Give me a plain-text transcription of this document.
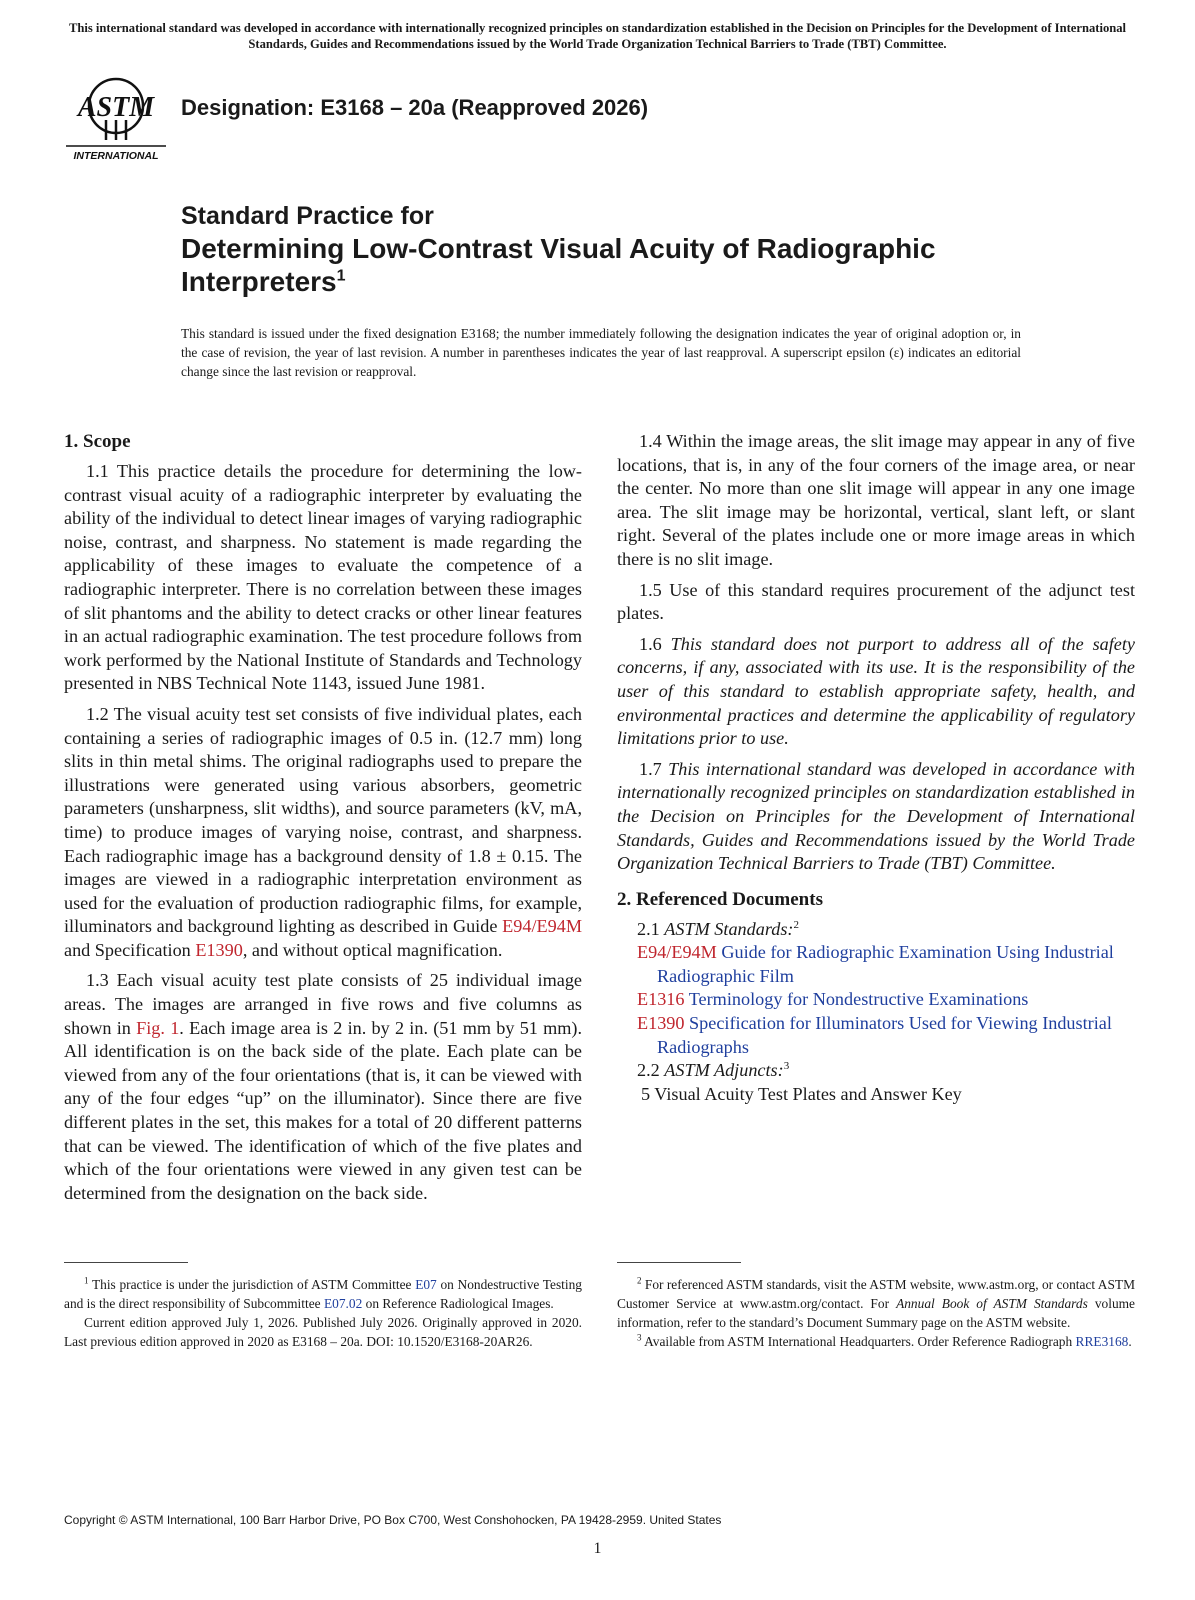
This international standard was developed in accordance with internationally recognized principles on standardization established in the Decision on Principles for the Development of International Standards, Guides and Recommendations issued by the World Trade Organization Technical Barriers to Trade (TBT) Committee.
ASTM
INTERNATIONAL
Designation: E3168 – 20a (Reapproved 2026)
Standard Practice for
Determining Low-Contrast Visual Acuity of Radiographic Interpreters$^1$
This standard is issued under the fixed designation E3168; the number immediately following the designation indicates the year of original adoption or, in the case of revision, the year of last revision. A number in parentheses indicates the year of last reapproval. A superscript epsilon (ε) indicates an editorial change since the last revision or reapproval.
1. Scope

1.1 This practice details the procedure for determining the low-contrast visual acuity of a radiographic interpreter by evaluating the ability of the individual to detect linear images of varying radiographic noise, contrast, and sharpness. No statement is made regarding the applicability of these images to evaluate the competence of a radiographic interpreter. There is no correlation between these images of slit phantoms and the ability to detect cracks or other linear features in an actual radiographic examination. The test procedure follows from work performed by the National Institute of Standards and Technology presented in NBS Technical Note 1143, issued June 1981.

1.2 The visual acuity test set consists of five individual plates, each containing a series of radiographic images of 0.5 in. (12.7 mm) long slits in thin metal shims. The original radiographs used to prepare the illustrations were generated using various absorbers, geometric parameters (unsharpness, slit widths), and source parameters (kV, mA, time) to produce images of varying noise, contrast, and sharpness. Each radiographic image has a background density of 1.8 ± 0.15. The images are viewed in a radiographic interpretation environment as used for the evaluation of production radiographic films, for example, illuminators and background lighting as described in Guide E94/E94M and Specification E1390, and without optical magnification.

1.3 Each visual acuity test plate consists of 25 individual image areas. The images are arranged in five rows and five columns as shown in Fig. 1. Each image area is 2 in. by 2 in. (51 mm by 51 mm). All identification is on the back side of the plate. Each plate can be viewed from any of the four orientations (that is, it can be viewed with any of the four edges “up” on the illuminator). Since there are five different plates in the set, this makes for a total of 20 different patterns that can be viewed. The identification of which of the five plates and which of the four orientations were viewed in any given test can be determined from the designation on the back side.

1.4 Within the image areas, the slit image may appear in any of five locations, that is, in any of the four corners of the image area, or near the center. No more than one slit image will appear in any one image area. The slit image may be horizontal, vertical, slant left, or slant right. Several of the plates include one or more image areas in which there is no slit image.

1.5 Use of this standard requires procurement of the adjunct test plates.

1.6 This standard does not purport to address all of the safety concerns, if any, associated with its use. It is the responsibility of the user of this standard to establish appropriate safety, health, and environmental practices and determine the applicability of regulatory limitations prior to use.

1.7 This international standard was developed in accordance with internationally recognized principles on standardization established in the Decision on Principles for the Development of International Standards, Guides and Recommendations issued by the World Trade Organization Technical Barriers to Trade (TBT) Committee.

2. Referenced Documents
2.1 ASTM Standards:$^2$
E94/E94M Guide for Radiographic Examination Using Industrial Radiographic Film
E1316 Terminology for Nondestructive Examinations
E1390 Specification for Illuminators Used for Viewing Industrial Radiographs
2.2 ASTM Adjuncts:$^3$
5 Visual Acuity Test Plates and Answer Key

$^1$ This practice is under the jurisdiction of ASTM Committee E07 on Nondestructive Testing and is the direct responsibility of Subcommittee E07.02 on Reference Radiological Images.

Current edition approved July 1, 2026. Published July 2026. Originally approved in 2020. Last previous edition approved in 2020 as E3168 – 20a. DOI: 10.1520/E3168-20AR26.

$^2$ For referenced ASTM standards, visit the ASTM website, www.astm.org, or contact ASTM Customer Service at www.astm.org/contact. For Annual Book of ASTM Standards volume information, refer to the standard’s Document Summary page on the ASTM website.

$^3$ Available from ASTM International Headquarters. Order Reference Radiograph RRE3168.

Copyright © ASTM International, 100 Barr Harbor Drive, PO Box C700, West Conshohocken, PA 19428-2959. United States
1
